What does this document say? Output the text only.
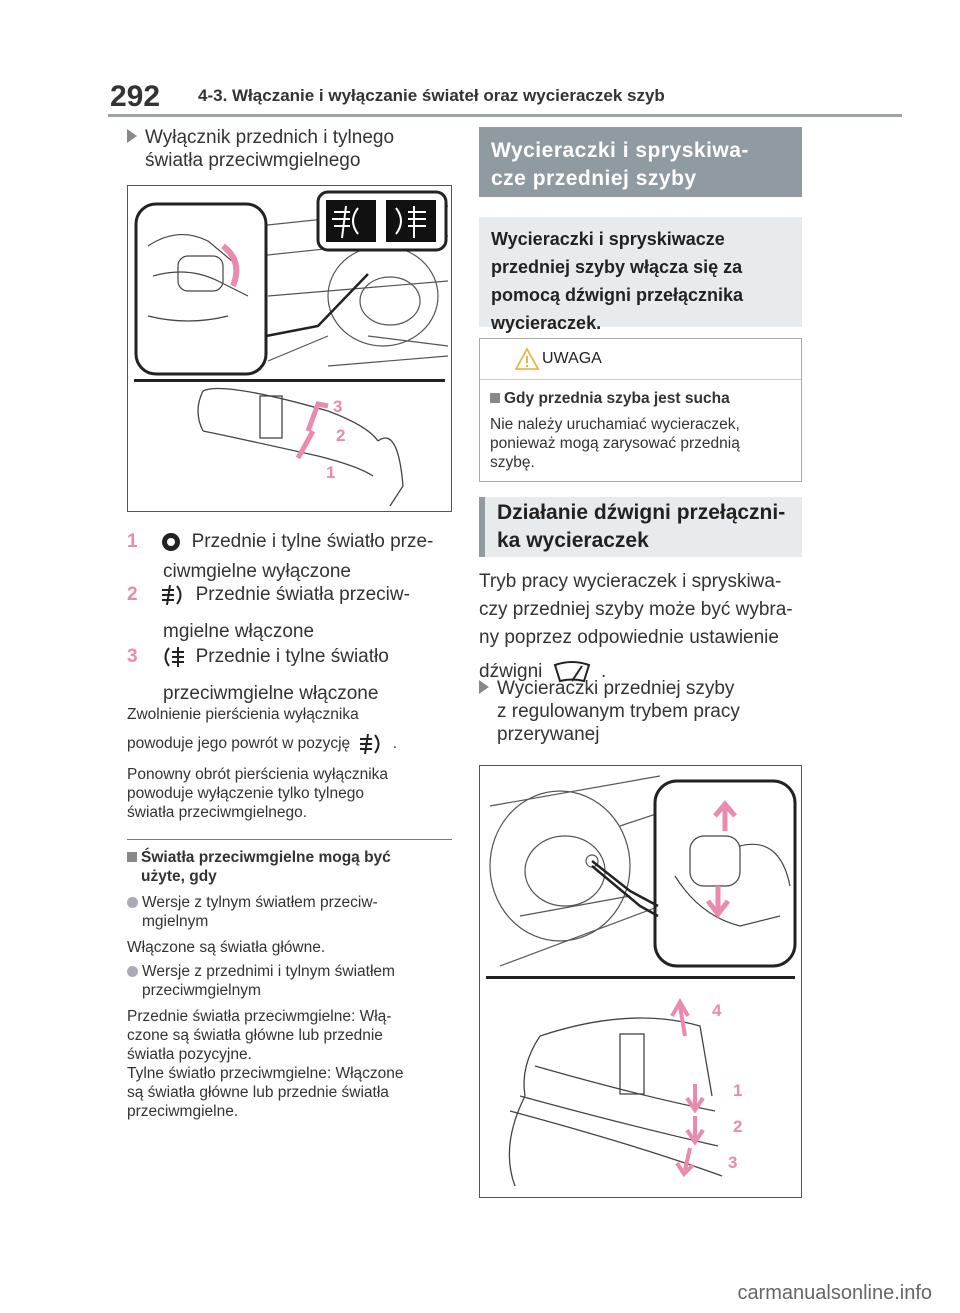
292 4-3. Włączanie i wyłączanie świateł oraz wycieraczek szyb
Wyłącznik przednich i tylnego
światła przeciwmgielnego
3
2
1
1	Przednie i tylne światło prze-
ciwmgielne wyłączone
2	Przednie światła przeciw-
mgielne włączone
3	Przednie i tylne światło
przeciwmgielne włączone
Zwolnienie pierścienia wyłącznika
powoduje jego powrót w pozycję	.
Ponowny obrót pierścienia wyłącznika
powoduje wyłączenie tylko tylnego
światła przeciwmgielnego.
Światła przeciwmgielne mogą być
użyte, gdy
Wersje z tylnym światłem przeciw-
mgielnym
Włączone są światła główne.
Wersje z przednimi i tylnym światłem
przeciwmgielnym
Przednie światła przeciwmgielne: Włą-
czone są światła główne lub przednie
światła pozycyjne.
Tylne światło przeciwmgielne: Włączone
są światła główne lub przednie światła
przeciwmgielne.
Wycieraczki i spryskiwa-
cze przedniej szyby
Wycieraczki i spryskiwacze
przedniej szyby włącza się za
pomocą dźwigni przełącznika
wycieraczek.
UWAGA
Gdy przednia szyba jest sucha
Nie należy uruchamiać wycieraczek,
ponieważ mogą zarysować przednią
szybę.
Działanie dźwigni przełączni-
ka wycieraczek
Tryb pracy wycieraczek i spryskiwa-
czy przedniej szyby może być wybra-
ny poprzez odpowiednie ustawienie
dźwigni	.
Wycieraczki przedniej szyby
z regulowanym trybem pracy
przerywanej
4
1
2
3
carmanualsonline.info
